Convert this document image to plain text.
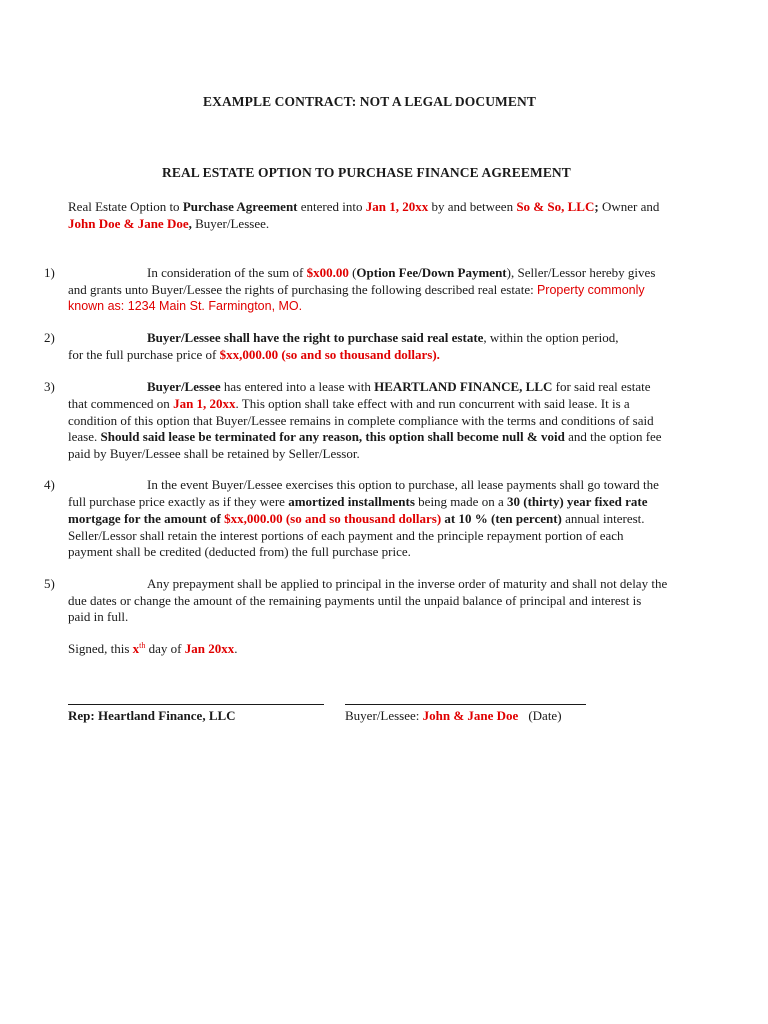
EXAMPLE CONTRACT: NOT A LEGAL DOCUMENT
REAL ESTATE OPTION TO PURCHASE FINANCE AGREEMENT
Real Estate Option to Purchase Agreement entered into Jan 1, 20xx by and between So & So, LLC; Owner and
John Doe & Jane Doe, Buyer/Lessee.
1)	In consideration of the sum of $x00.00 (Option Fee/Down Payment), Seller/Lessor hereby gives
and grants unto Buyer/Lessee the rights of purchasing the following described real estate: Property commonly
known as: 1234 Main St. Farmington, MO.
2)	Buyer/Lessee shall have the right to purchase said real estate, within the option period,
for the full purchase price of $xx,000.00 (so and so thousand dollars).
3)	Buyer/Lessee has entered into a lease with HEARTLAND FINANCE, LLC for said real estate
that commenced on Jan 1, 20xx. This option shall take effect with and run concurrent with said lease. It is a
condition of this option that Buyer/Lessee remains in complete compliance with the terms and conditions of said
lease. Should said lease be terminated for any reason, this option shall become null & void and the option fee
paid by Buyer/Lessee shall be retained by Seller/Lessor.
4)	In the event Buyer/Lessee exercises this option to purchase, all lease payments shall go toward the
full purchase price exactly as if they were amortized installments being made on a 30 (thirty) year fixed rate
mortgage for the amount of $xx,000.00 (so and so thousand dollars) at 10 % (ten percent) annual interest.
Seller/Lessor shall retain the interest portions of each payment and the principle repayment portion of each
payment shall be credited (deducted from) the full purchase price.
5)	Any prepayment shall be applied to principal in the inverse order of maturity and shall not delay the
due dates or change the amount of the remaining payments until the unpaid balance of principal and interest is
paid in full.
Signed, this $x^{th}$ day of Jan 20xx.
Rep: Heartland Finance, LLC	Buyer/Lessee: John & Jane Doe (Date)
